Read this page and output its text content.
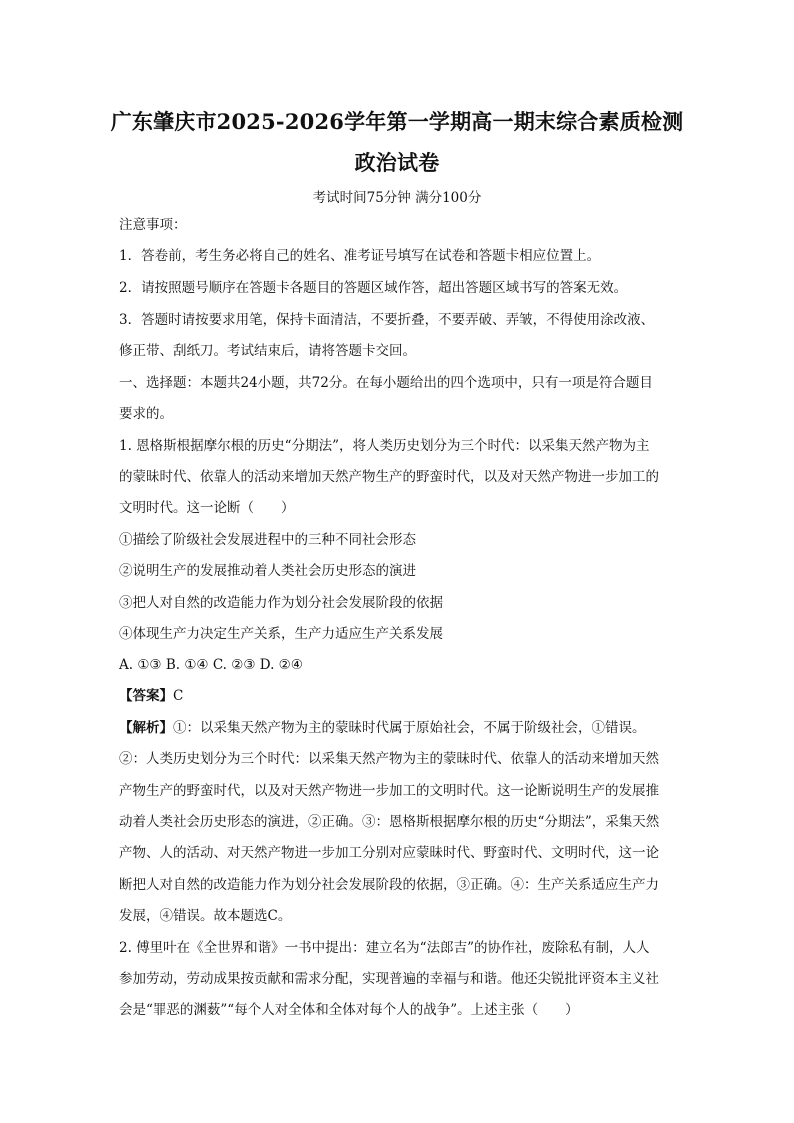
广东肇庆市2025-2026学年第一学期高一期末综合素质检测
政治试卷
考试时间75分钟 满分100分
注意事项：
1．答卷前，考生务必将自己的姓名、准考证号填写在试卷和答题卡相应位置上。
2．请按照题号顺序在答题卡各题目的答题区域作答，超出答题区域书写的答案无效。
3．答题时请按要求用笔，保持卡面清洁，不要折叠，不要弄破、弄皱，不得使用涂改液、
修正带、刮纸刀。考试结束后，请将答题卡交回。
一、选择题：本题共24小题，共72分。在每小题给出的四个选项中，只有一项是符合题目
要求的。
1. 恩格斯根据摩尔根的历史“分期法”，将人类历史划分为三个时代：以采集天然产物为主
的蒙昧时代、依靠人的活动来增加天然产物生产的野蛮时代，以及对天然产物进一步加工的
文明时代。这一论断（　　）
①描绘了阶级社会发展进程中的三种不同社会形态
②说明生产的发展推动着人类社会历史形态的演进
③把人对自然的改造能力作为划分社会发展阶段的依据
④体现生产力决定生产关系，生产力适应生产关系发展
A. ①③ B. ①④ C. ②③ D. ②④
【答案】C
【解析】①：以采集天然产物为主的蒙昧时代属于原始社会，不属于阶级社会，①错误。
②：人类历史划分为三个时代：以采集天然产物为主的蒙昧时代、依靠人的活动来增加天然
产物生产的野蛮时代，以及对天然产物进一步加工的文明时代。这一论断说明生产的发展推
动着人类社会历史形态的演进，②正确。③：恩格斯根据摩尔根的历史“分期法”，采集天然
产物、人的活动、对天然产物进一步加工分别对应蒙昧时代、野蛮时代、文明时代，这一论
断把人对自然的改造能力作为划分社会发展阶段的依据，③正确。④：生产关系适应生产力
发展，④错误。故本题选C。
2. 傅里叶在《全世界和谐》一书中提出：建立名为“法郎吉”的协作社，废除私有制，人人
参加劳动，劳动成果按贡献和需求分配，实现普遍的幸福与和谐。他还尖锐批评资本主义社
会是“罪恶的渊薮”“每个人对全体和全体对每个人的战争”。上述主张（　　）
